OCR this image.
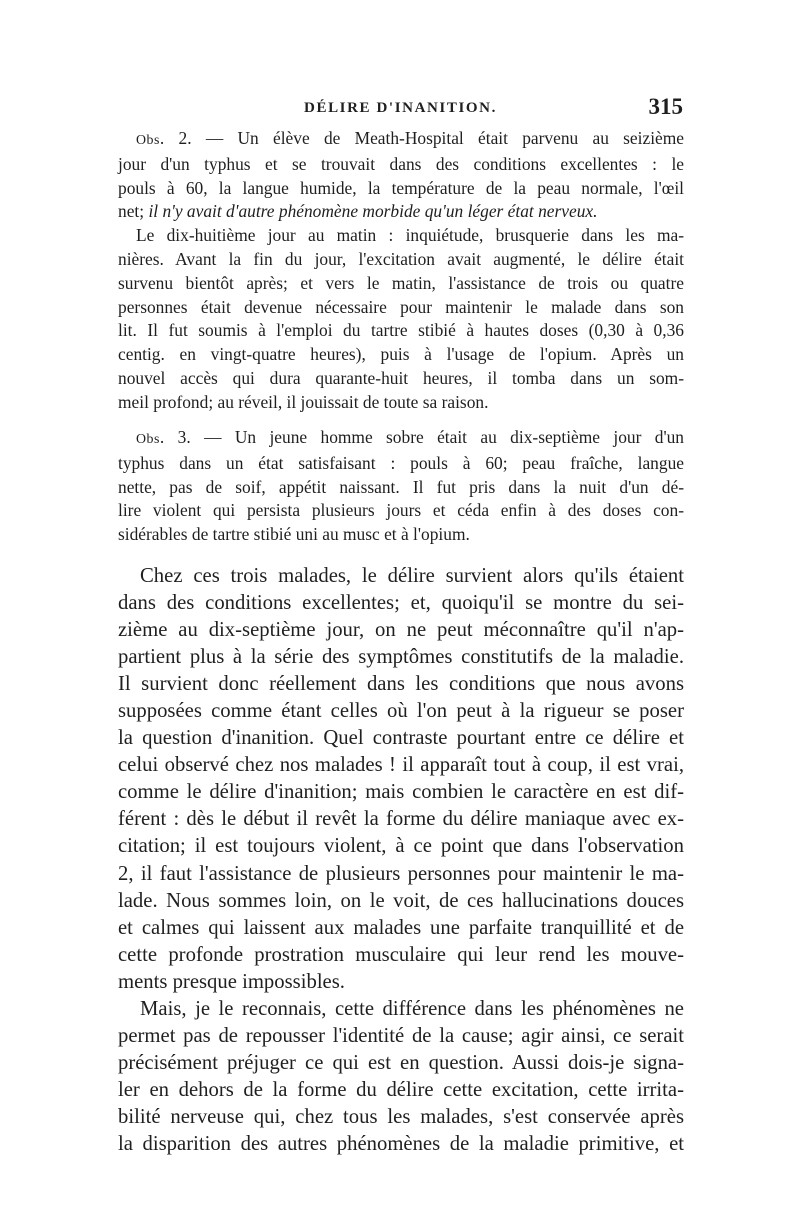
DÉLIRE D'INANITION.	315
Obs. 2. — Un élève de Meath-Hospital était parvenu au seizième
jour d'un typhus et se trouvait dans des conditions excellentes : le
pouls à 60, la langue humide, la température de la peau normale, l'œil
net; il n'y avait d'autre phénomène morbide qu'un léger état nerveux.
Le dix-huitième jour au matin : inquiétude, brusquerie dans les ma-
nières. Avant la fin du jour, l'excitation avait augmenté, le délire était
survenu bientôt après; et vers le matin, l'assistance de trois ou quatre
personnes était devenue nécessaire pour maintenir le malade dans son
lit. Il fut soumis à l'emploi du tartre stibié à hautes doses (0,30 à 0,36
centig. en vingt-quatre heures), puis à l'usage de l'opium. Après un
nouvel accès qui dura quarante-huit heures, il tomba dans un som-
meil profond; au réveil, il jouissait de toute sa raison.
Obs. 3. — Un jeune homme sobre était au dix-septième jour d'un
typhus dans un état satisfaisant : pouls à 60; peau fraîche, langue
nette, pas de soif, appétit naissant. Il fut pris dans la nuit d'un dé-
lire violent qui persista plusieurs jours et céda enfin à des doses con-
sidérables de tartre stibié uni au musc et à l'opium.
Chez ces trois malades, le délire survient alors qu'ils étaient
dans des conditions excellentes; et, quoiqu'il se montre du sei-
zième au dix-septième jour, on ne peut méconnaître qu'il n'ap-
partient plus à la série des symptômes constitutifs de la maladie.
Il survient donc réellement dans les conditions que nous avons
supposées comme étant celles où l'on peut à la rigueur se poser
la question d'inanition. Quel contraste pourtant entre ce délire et
celui observé chez nos malades ! il apparaît tout à coup, il est vrai,
comme le délire d'inanition; mais combien le caractère en est dif-
férent : dès le début il revêt la forme du délire maniaque avec ex-
citation; il est toujours violent, à ce point que dans l'observation
2, il faut l'assistance de plusieurs personnes pour maintenir le ma-
lade. Nous sommes loin, on le voit, de ces hallucinations douces
et calmes qui laissent aux malades une parfaite tranquillité et de
cette profonde prostration musculaire qui leur rend les mouve-
ments presque impossibles.
Mais, je le reconnais, cette différence dans les phénomènes ne
permet pas de repousser l'identité de la cause; agir ainsi, ce serait
précisément préjuger ce qui est en question. Aussi dois-je signa-
ler en dehors de la forme du délire cette excitation, cette irrita-
bilité nerveuse qui, chez tous les malades, s'est conservée après
la disparition des autres phénomènes de la maladie primitive, et
